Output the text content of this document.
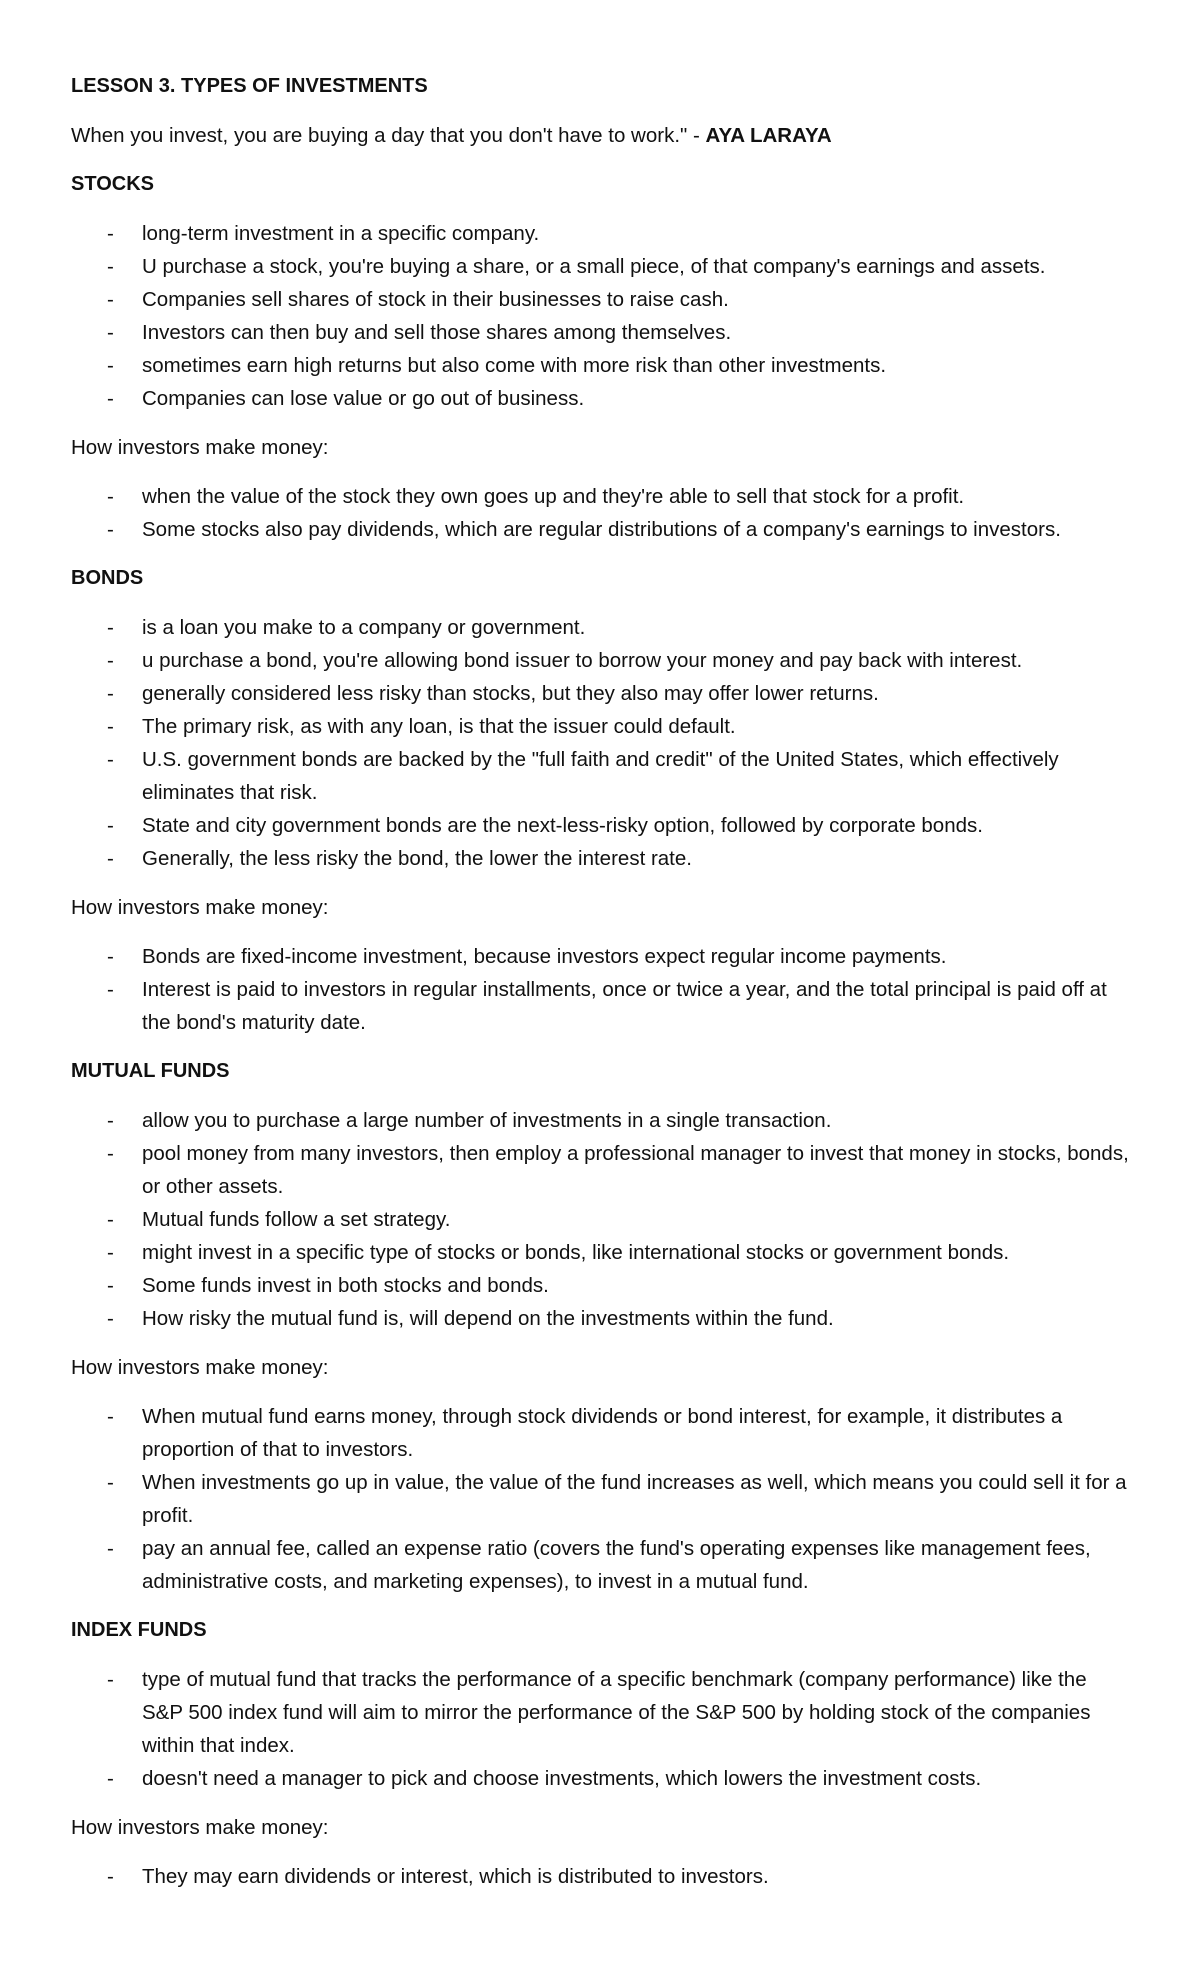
LESSON 3. TYPES OF INVESTMENTS

When you invest, you are buying a day that you don't have to work." - AYA LARAYA

STOCKS

- long-term investment in a specific company.
- U purchase a stock, you're buying a share, or a small piece, of that company's earnings and assets.
- Companies sell shares of stock in their businesses to raise cash.
- Investors can then buy and sell those shares among themselves.
- sometimes earn high returns but also come with more risk than other investments.
- Companies can lose value or go out of business.

How investors make money:

- when the value of the stock they own goes up and they're able to sell that stock for a profit.
- Some stocks also pay dividends, which are regular distributions of a company's earnings to investors.

BONDS

- is a loan you make to a company or government.
- u purchase a bond, you're allowing bond issuer to borrow your money and pay back with interest.
- generally considered less risky than stocks, but they also may offer lower returns.
- The primary risk, as with any loan, is that the issuer could default.
- U.S. government bonds are backed by the "full faith and credit" of the United States, which effectively eliminates that risk.
- State and city government bonds are the next-less-risky option, followed by corporate bonds.
- Generally, the less risky the bond, the lower the interest rate.

How investors make money:

- Bonds are fixed-income investment, because investors expect regular income payments.
- Interest is paid to investors in regular installments, once or twice a year, and the total principal is paid off at the bond's maturity date.

MUTUAL FUNDS

- allow you to purchase a large number of investments in a single transaction.
- pool money from many investors, then employ a professional manager to invest that money in stocks, bonds, or other assets.
- Mutual funds follow a set strategy.
- might invest in a specific type of stocks or bonds, like international stocks or government bonds.
- Some funds invest in both stocks and bonds.
- How risky the mutual fund is, will depend on the investments within the fund.

How investors make money:

- When mutual fund earns money, through stock dividends or bond interest, for example, it distributes a proportion of that to investors.
- When investments go up in value, the value of the fund increases as well, which means you could sell it for a profit.
- pay an annual fee, called an expense ratio (covers the fund's operating expenses like management fees, administrative costs, and marketing expenses), to invest in a mutual fund.

INDEX FUNDS

- type of mutual fund that tracks the performance of a specific benchmark (company performance) like the S&P 500 index fund will aim to mirror the performance of the S&P 500 by holding stock of the companies within that index.
- doesn't need a manager to pick and choose investments, which lowers the investment costs.

How investors make money:

- They may earn dividends or interest, which is distributed to investors.
